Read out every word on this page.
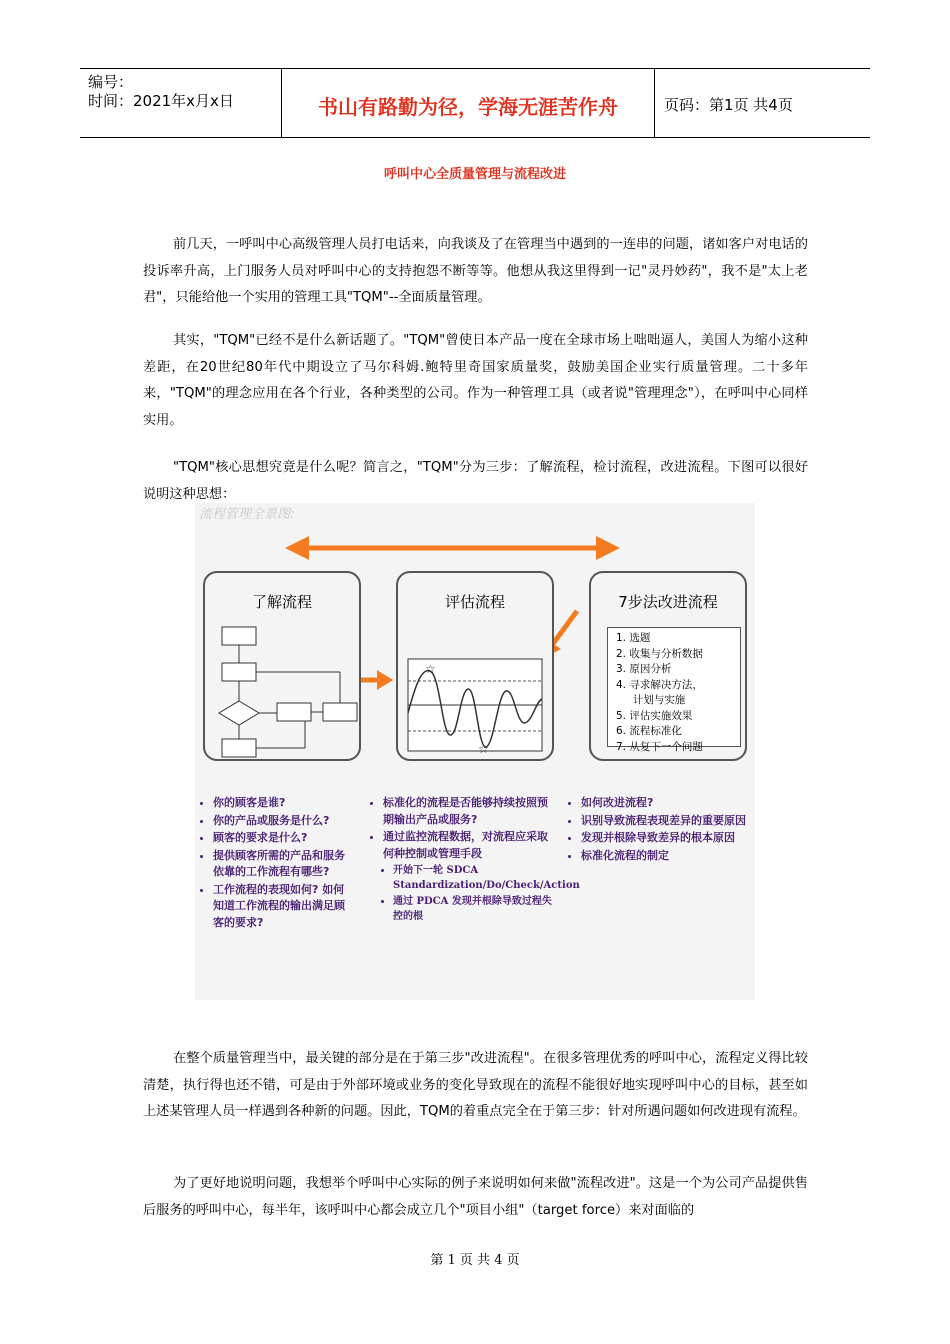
编号：
时间：2021年x月x日	书山有路勤为径，学海无涯苦作舟	页码：第1页 共4页
呼叫中心全质量管理与流程改进
前几天，一呼叫中心高级管理人员打电话来，向我谈及了在管理当中遇到的一连串的问题，诸如客户对电话的投诉率升高，上门服务人员对呼叫中心的支持抱怨不断等等。他想从我这里得到一记"灵丹妙药"，我不是"太上老君"，只能给他一个实用的管理工具"TQM"--全面质量管理。
其实，"TQM"已经不是什么新话题了。"TQM"曾使日本产品一度在全球市场上咄咄逼人，美国人为缩小这种差距，在20世纪80年代中期设立了马尔科姆.鲍特里奇国家质量奖，鼓励美国企业实行质量管理。二十多年来，"TQM"的理念应用在各个行业，各种类型的公司。作为一种管理工具（或者说"管理理念"），在呼叫中心同样实用。
"TQM"核心思想究竟是什么呢？简言之，"TQM"分为三步：了解流程，检讨流程，改进流程。下图可以很好说明这种思想：
流程管理全景图:
了解流程	评估流程
☆
☆
7步法改进流程
1. 选题
2. 收集与分析数据
3. 原因分析
4. 寻求解决方法，
计划与实施
5. 评估实施效果
6. 流程标准化
7. 从复下一个问题
• 你的顾客是谁?
• 你的产品或服务是什么?
• 顾客的要求是什么?
• 提供顾客所需的产品和服务依靠的工作流程有哪些?
• 工作流程的表现如何? 如何知道工作流程的输出满足顾客的要求?
• 标准化的流程是否能够持续按照预期输出产品或服务?
• 通过监控流程数据，对流程应采取何种控制或管理手段
• 开始下一轮 SDCA Standardization/Do/Check/Action
• 通过 PDCA 发现并根除导致过程失控的根
• 如何改进流程?
• 识别导致流程表现差异的重要原因
• 发现并根除导致差异的根本原因
• 标准化流程的制定
在整个质量管理当中，最关键的部分是在于第三步"改进流程"。在很多管理优秀的呼叫中心，流程定义得比较清楚，执行得也还不错，可是由于外部环境或业务的变化导致现在的流程不能很好地实现呼叫中心的目标，甚至如上述某管理人员一样遇到各种新的问题。因此，TQM的着重点完全在于第三步：针对所遇问题如何改进现有流程。
为了更好地说明问题，我想举个呼叫中心实际的例子来说明如何来做"流程改进"。这是一个为公司产品提供售后服务的呼叫中心，每半年，该呼叫中心都会成立几个"项目小组"（target force）来对面临的
第 1 页 共 4 页
